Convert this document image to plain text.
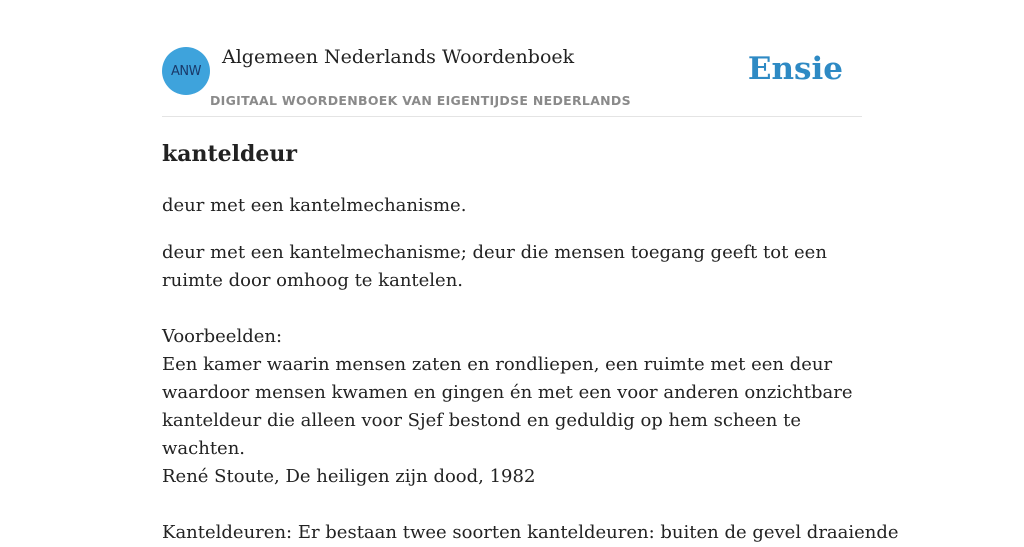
ANW
Algemeen Nederlands Woordenboek
DIGITAAL WOORDENBOEK VAN EIGENTIJDSE NEDERLANDS
Ensie
kanteldeur

deur met een kantelmechanisme.

deur met een kantelmechanisme; deur die mensen toegang geeft tot een ruimte door omhoog te kantelen.

Voorbeelden:

Een kamer waarin mensen zaten en rondliepen, een ruimte met een deur waardoor mensen kwamen en gingen én met een voor anderen onzichtbare kanteldeur die alleen voor Sjef bestond en geduldig op hem scheen te wachten.

René Stoute, De heiligen zijn dood, 1982

Kanteldeuren: Er bestaan twee soorten kanteldeuren: buiten de gevel draaiende
